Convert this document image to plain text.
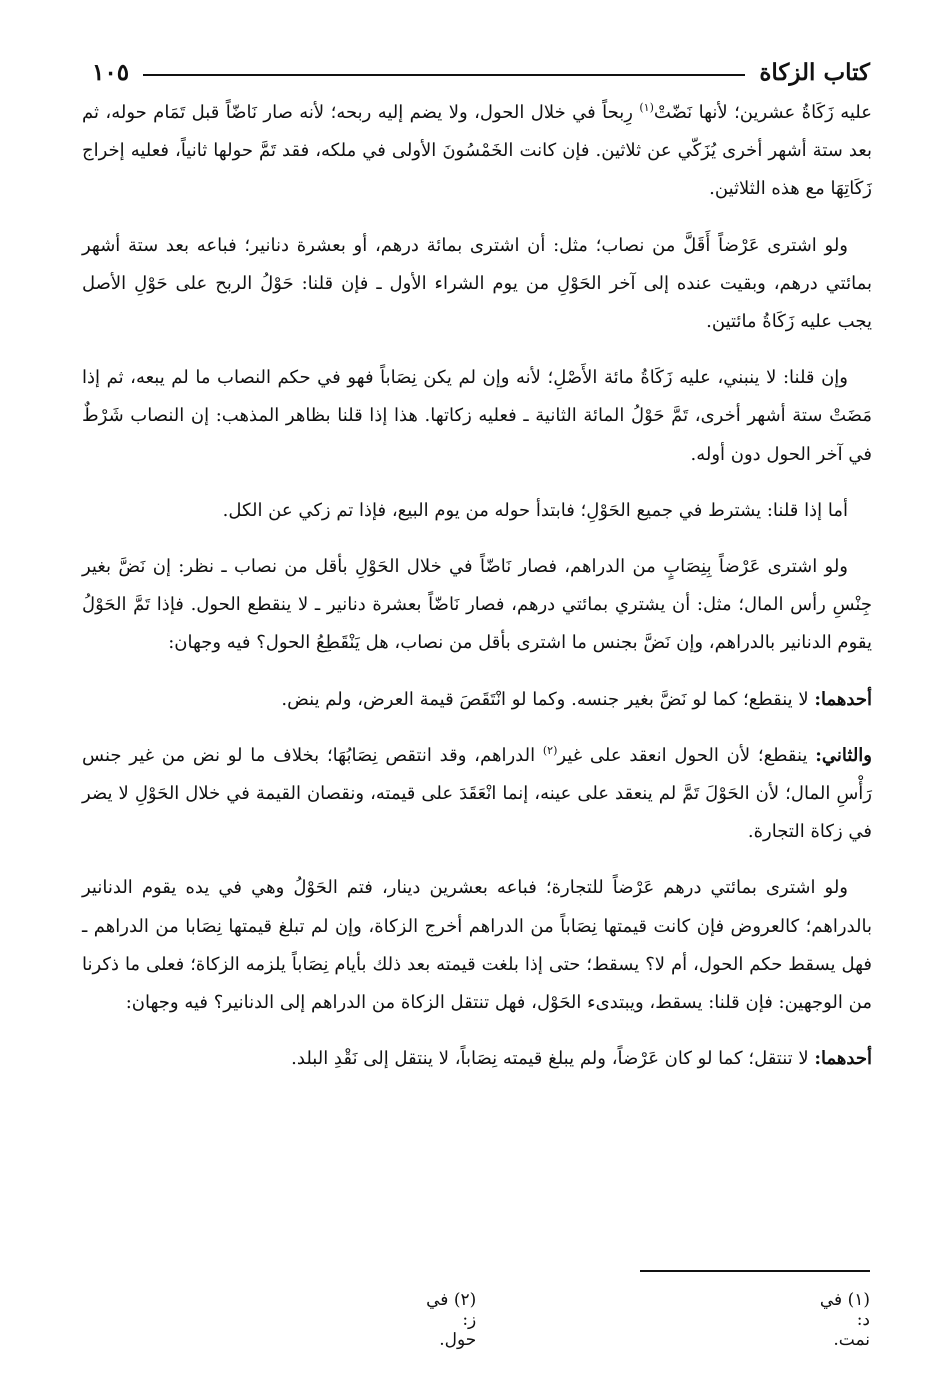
كتاب الزكاة
١٠٥

عليه زَكَاةُ عشرين؛ لأنها نَضّتْ$^{(١)}$ رِبحاً في خلال الحول، ولا يضم إليه ربحه؛ لأنه صار نَاضّاً قبل تَمَام حوله، ثم بعد ستة أشهر أخرى يُزَكّي عن ثلاثين. فإن كانت الخَمْسُونَ الأولى في ملكه، فقد تَمَّ حولها ثانياً، فعليه إخراج زَكَاتِهَا مع هذه الثلاثين.

ولو اشترى عَرْضاً أَقَلَّ من نصاب؛ مثل: أن اشترى بمائة درهم، أو بعشرة دنانير؛ فباعه بعد ستة أشهر بمائتي درهم، وبقيت عنده إلى آخر الحَوْلِ من يوم الشراء الأول ـ فإن قلنا: حَوْلُ الربح على حَوْلِ الأصل يجب عليه زَكَاةُ مائتين.

وإن قلنا: لا ينبني، عليه زَكَاةُ مائة الأَصْلِ؛ لأنه وإن لم يكن نِصَاباً فهو في حكم النصاب ما لم يبعه، ثم إذا مَضَتْ ستة أشهر أخرى، تَمَّ حَوْلُ المائة الثانية ـ فعليه زكاتها. هذا إذا قلنا بظاهر المذهب: إن النصاب شَرْطٌ في آخر الحول دون أوله.

أما إذا قلنا: يشترط في جميع الحَوْلِ؛ فابتدأ حوله من يوم البيع، فإذا تم زكي عن الكل.

ولو اشترى عَرْضاً بِنِصَابٍ من الدراهم، فصار نَاضّاً في خلال الحَوْلِ بأقل من نصاب ـ نظر: إن نَضَّ بغير جِنْسِ رأس المال؛ مثل: أن يشتري بمائتي درهم، فصار نَاضّاً بعشرة دنانير ـ لا ينقطع الحول. فإذا تَمَّ الحَوْلُ يقوم الدنانير بالدراهم، وإن نَضَّ بجنس ما اشترى بأقل من نصاب، هل يَنْقَطِعُ الحول؟ فيه وجهان:

أحدهما: لا ينقطع؛ كما لو نَضَّ بغير جنسه. وكما لو انْتَقَصَ قيمة العرض، ولم ينض.

والثاني: ينقطع؛ لأن الحول انعقد على غير$^{(٢)}$ الدراهم، وقد انتقص نِصَابُهَا؛ بخلاف ما لو نض من غير جنس رَأْسِ المال؛ لأن الحَوْلَ تَمَّ لم ينعقد على عينه، إنما انْعَقَدَ على قيمته، ونقصان القيمة في خلال الحَوْلِ لا يضر في زكاة التجارة.

ولو اشترى بمائتي درهم عَرْضاً للتجارة؛ فباعه بعشرين دينار، فتم الحَوْلُ وهي في يده يقوم الدنانير بالدراهم؛ كالعروض فإن كانت قيمتها نِصَاباً من الدراهم أخرج الزكاة، وإن لم تبلغ قيمتها نِصَابا من الدراهم ـ فهل يسقط حكم الحول، أم لا؟ يسقط؛ حتى إذا بلغت قيمته بعد ذلك بأيام نِصَاباً يلزمه الزكاة؛ فعلى ما ذكرنا من الوجهين: فإن قلنا: يسقط، ويبتدىء الحَوْل، فهل تنتقل الزكاة من الدراهم إلى الدنانير؟ فيه وجهان:

أحدهما: لا تنتقل؛ كما لو كان عَرْضاً، ولم يبلغ قيمته نِصَاباً، لا ينتقل إلى نَقْدِ البلد.

(١) في د: نمت.
(٢) في ز: حول.
